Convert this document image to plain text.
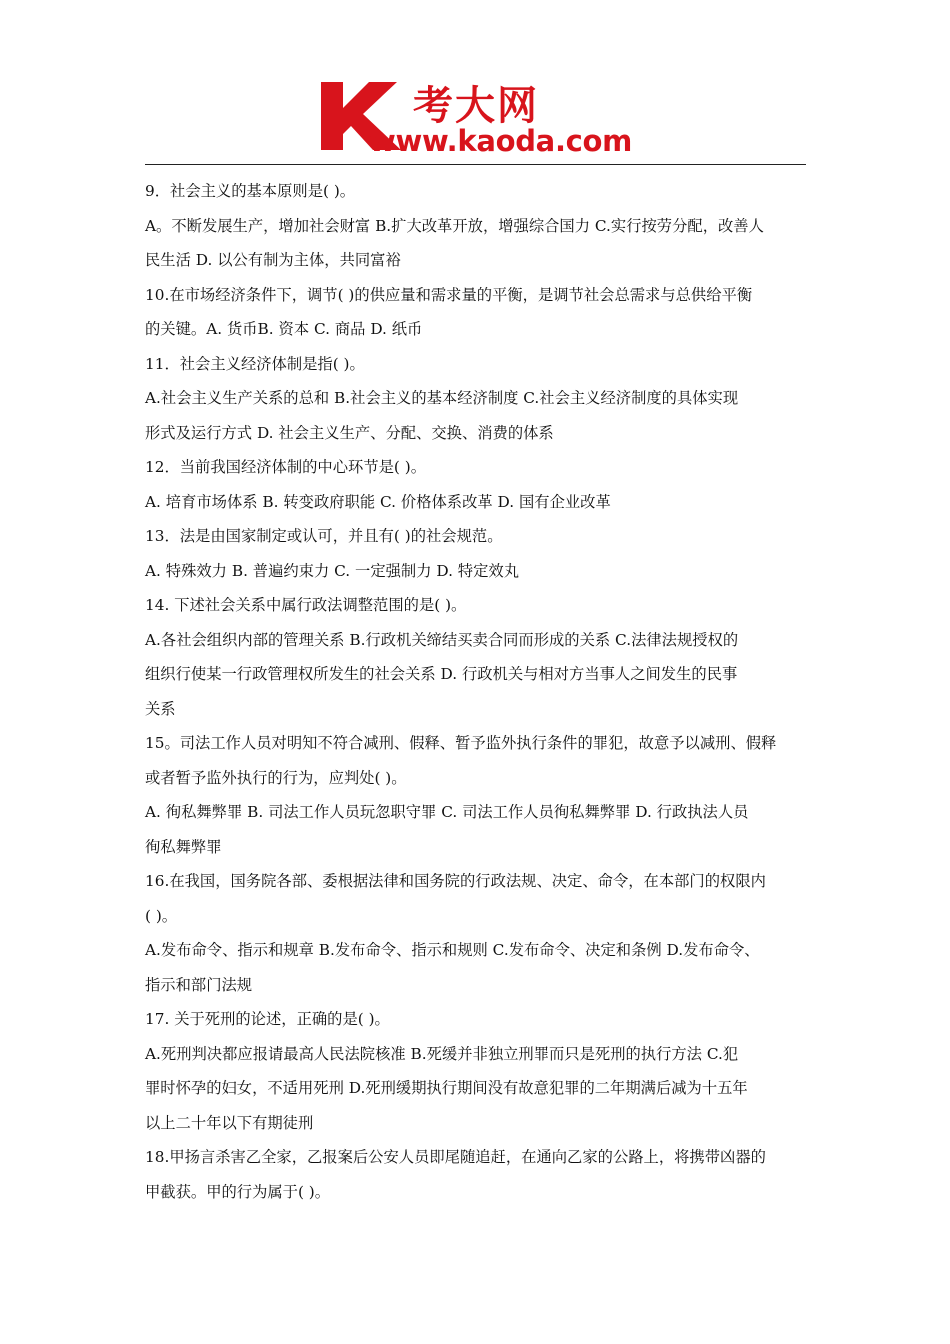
考大网
www.kaoda.com
9．社会主义的基本原则是( )。
A。不断发展生产，增加社会财富 B.扩大改革开放，增强综合国力 C.实行按劳分配，改善人
民生活 D. 以公有制为主体，共同富裕
10.在市场经济条件下，调节( )的供应量和需求量的平衡，是调节社会总需求与总供给平衡
的关键。A. 货币B. 资本 C. 商品 D. 纸币
11．社会主义经济体制是指( )。
A.社会主义生产关系的总和 B.社会主义的基本经济制度 C.社会主义经济制度的具体实现
形式及运行方式 D. 社会主义生产、分配、交换、消费的体系
12．当前我国经济体制的中心环节是( )。
A. 培育市场体系 B. 转变政府职能 C. 价格体系改革 D. 国有企业改革
13．法是由国家制定或认可，并且有( )的社会规范。
A. 特殊效力 B. 普遍约束力 C. 一定强制力 D. 特定效丸
14. 下述社会关系中属行政法调整范围的是( )。
A.各社会组织内部的管理关系 B.行政机关缔结买卖合同而形成的关系 C.法律法规授权的
组织行使某一行政管理权所发生的社会关系 D. 行政机关与相对方当事人之间发生的民事
关系
15。司法工作人员对明知不符合减刑、假释、暂予监外执行条件的罪犯，故意予以减刑、假释
或者暂予监外执行的行为，应判处( )。
A. 徇私舞弊罪 B. 司法工作人员玩忽职守罪 C. 司法工作人员徇私舞弊罪 D. 行政执法人员
徇私舞弊罪
16.在我国，国务院各部、委根据法律和国务院的行政法规、决定、命令，在本部门的权限内
( )。
A.发布命令、指示和规章 B.发布命令、指示和规则 C.发布命令、决定和条例 D.发布命令、
指示和部门法规
17. 关于死刑的论述，正确的是( )。
A.死刑判决都应报请最高人民法院核准 B.死缓并非独立刑罪而只是死刑的执行方法 C.犯
罪时怀孕的妇女，不适用死刑 D.死刑缓期执行期间没有故意犯罪的二年期满后减为十五年
以上二十年以下有期徒刑
18.甲扬言杀害乙全家，乙报案后公安人员即尾随追赶，在通向乙家的公路上，将携带凶器的
甲截获。甲的行为属于( )。
